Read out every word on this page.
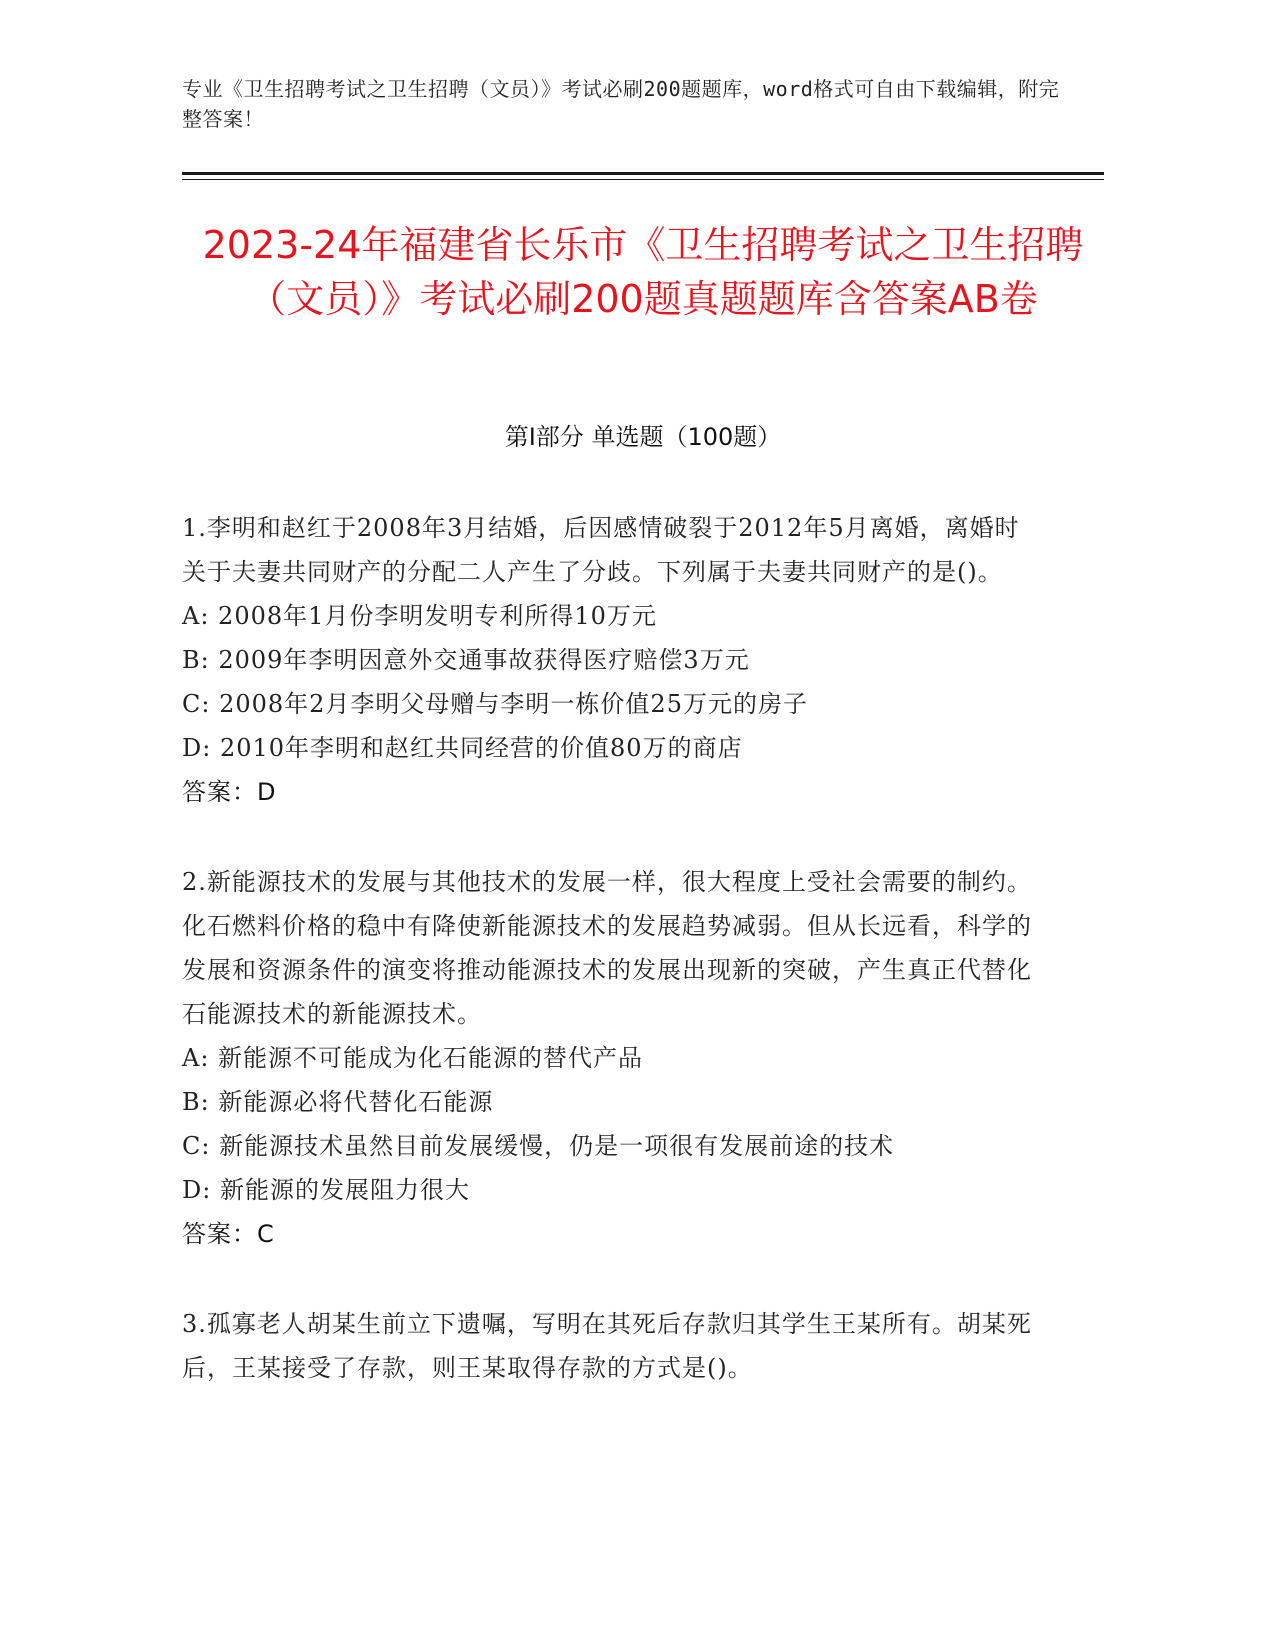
专业《卫生招聘考试之卫生招聘（文员）》考试必刷200题题库，word格式可自由下载编辑，附完整答案！
2023-24年福建省长乐市《卫生招聘考试之卫生招聘（文员）》考试必刷200题真题题库含答案AB卷
第Ⅰ部分 单选题（100题）

1.李明和赵红于2008年3月结婚，后因感情破裂于2012年5月离婚，离婚时关于夫妻共同财产的分配二人产生了分歧。下列属于夫妻共同财产的是()。

A: 2008年1月份李明发明专利所得10万元

B: 2009年李明因意外交通事故获得医疗赔偿3万元

C: 2008年2月李明父母赠与李明一栋价值25万元的房子

D: 2010年李明和赵红共同经营的价值80万的商店

答案：D

2.新能源技术的发展与其他技术的发展一样，很大程度上受社会需要的制约。化石燃料价格的稳中有降使新能源技术的发展趋势减弱。但从长远看，科学的发展和资源条件的演变将推动能源技术的发展出现新的突破，产生真正代替化石能源技术的新能源技术。

A: 新能源不可能成为化石能源的替代产品

B: 新能源必将代替化石能源

C: 新能源技术虽然目前发展缓慢，仍是一项很有发展前途的技术

D: 新能源的发展阻力很大

答案：C

3.孤寡老人胡某生前立下遗嘱，写明在其死后存款归其学生王某所有。胡某死后，王某接受了存款，则王某取得存款的方式是()。
